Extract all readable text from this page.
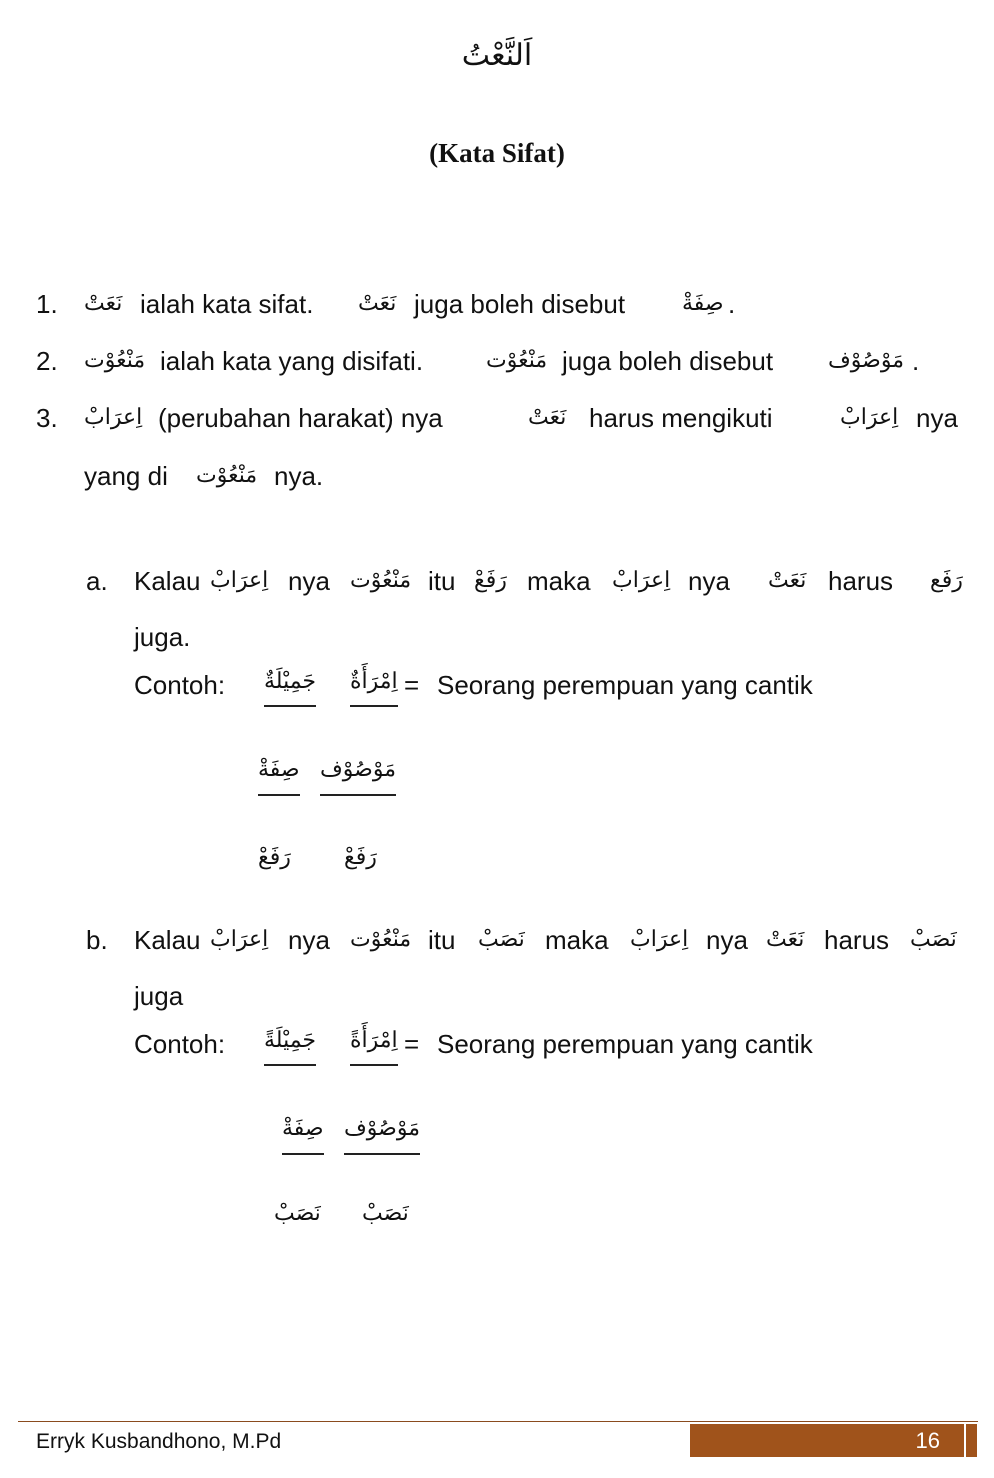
اَلنَّعْتُ
(Kata Sifat)
1. نَعَتْ ialah kata sifat. نَعَتْ juga boleh disebut	صِفَةْ .
2. مَنْعُوْت ialah kata yang disifati.	مَنْعُوْت juga boleh disebut مَوْصُوْف .
3. اِعرَابْ (perubahan harakat) nya	نَعَتْ harus mengikuti	اِعرَابْ nya
yang di مَنْعُوْت nya.
a. Kalau اِعرَابْ nya مَنْعُوْت itu رَفَعْ maka اِعرَابْ nya نَعَتْ harus رَفَع
juga.
Contoh: جَمِيْلَةٌ اِمْرَأَةٌ = Seorang perempuan yang cantik
صِفَةْ مَوْصُوْف
رَفَعْ رَفَعْ
b. Kalau اِعرَابْ nya مَنْعُوْت itu نَصَبْ maka اِعرَابْ nya نَعَتْ harus نَصَبْ
juga
Contoh: جَمِيْلَةً اِمْرَأَةً = Seorang perempuan yang cantik
صِفَةْ مَوْصُوْف
نَصَبْ نَصَبْ
Erryk Kusbandhono, M.Pd	16
